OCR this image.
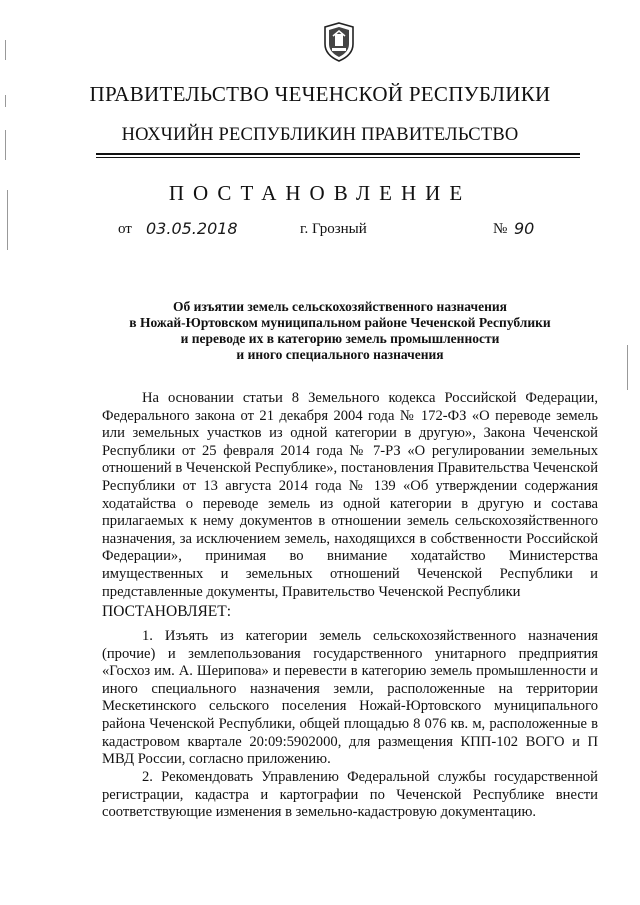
ПРАВИТЕЛЬСТВО ЧЕЧЕНСКОЙ РЕСПУБЛИКИ
НОХЧИЙН РЕСПУБЛИКИН ПРАВИТЕЛЬСТВО
ПОСТАНОВЛЕНИЕ
от 03.05.2018	г. Грозный	№ 90
Об изъятии земель сельскохозяйственного назначения
в Ножай-Юртовском муниципальном районе Чеченской Республики
и переводе их в категорию земель промышленности
и иного специального назначения

На основании статьи 8 Земельного кодекса Российской Федерации, Федерального закона от 21 декабря 2004 года № 172-ФЗ «О переводе земель или земельных участков из одной категории в другую», Закона Чеченской Республики от 25 февраля 2014 года № 7-РЗ «О регулировании земельных отношений в Чеченской Республике», постановления Правительства Чеченской Республики от 13 августа 2014 года № 139 «Об утверждении содержания ходатайства о переводе земель из одной категории в другую и состава прилагаемых к нему документов в отношении земель сельскохозяйственного назначения, за исключением земель, находящихся в собственности Российской Федерации», принимая во внимание ходатайство Министерства имущественных и земельных отношений Чеченской Республики и представленные документы, Правительство Чеченской Республики

ПОСТАНОВЛЯЕТ:

1. Изъять из категории земель сельскохозяйственного назначения (прочие) и землепользования государственного унитарного предприятия «Госхоз им. А. Шерипова» и перевести в категорию земель промышленности и иного специального назначения земли, расположенные на территории Мескетинского сельского поселения Ножай-Юртовского муниципального района Чеченской Республики, общей площадью 8 076 кв. м, расположенные в кадастровом квартале 20:09:5902000, для размещения КПП-102 ВОГО и П МВД России, согласно приложению.

2. Рекомендовать Управлению Федеральной службы государственной регистрации, кадастра и картографии по Чеченской Республике внести соответствующие изменения в земельно-кадастровую документацию.
